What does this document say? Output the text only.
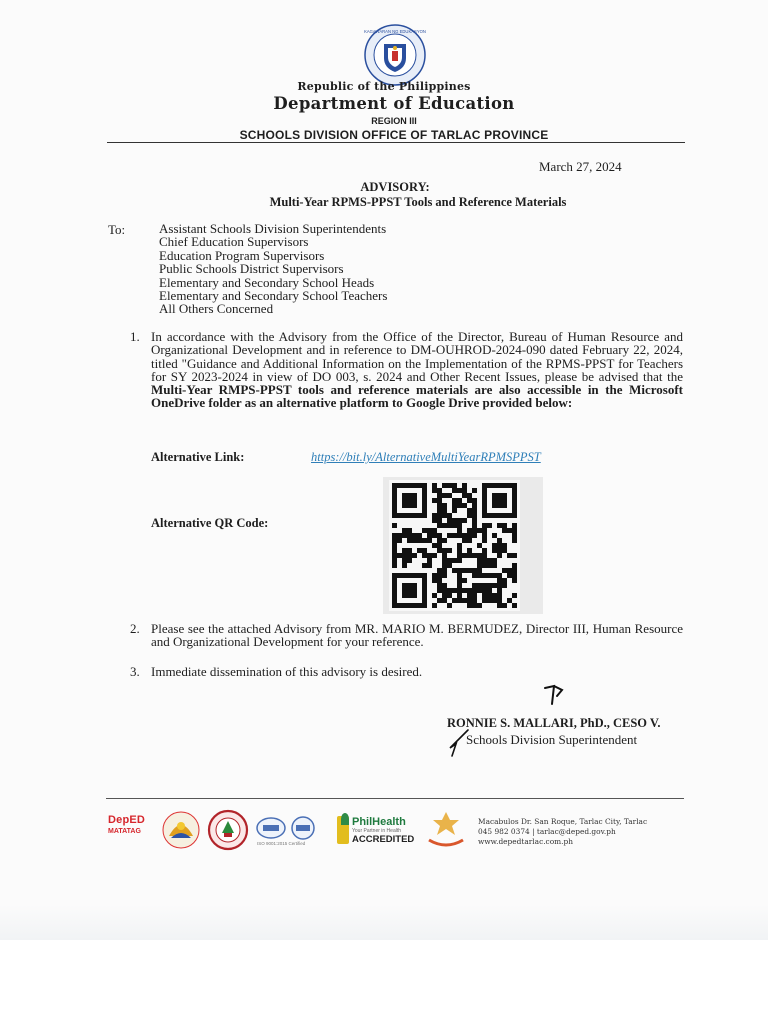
KAGAWARAN NG EDUKASYON
Republic of the Philippines
Department of Education
REGION III
SCHOOLS DIVISION OFFICE OF TARLAC PROVINCE
March 27, 2024
ADVISORY:
Multi-Year RPMS-PPST Tools and Reference Materials
To:	Assistant Schools Division Superintendents
Chief Education Supervisors
Education Program Supervisors
Public Schools District Supervisors
Elementary and Secondary School Heads
Elementary and Secondary School Teachers
All Others Concerned
1. In accordance with the Advisory from the Office of the Director, Bureau of Human Resource and Organizational Development and in reference to DM-OUHROD-2024-090 dated February 22, 2024, titled "Guidance and Additional Information on the Implementation of the RPMS-PPST for Teachers for SY 2023-2024 in view of DO 003, s. 2024 and Other Recent Issues, please be advised that the Multi-Year RMPS-PPST tools and reference materials are also accessible in the Microsoft OneDrive folder as an alternative platform to Google Drive provided below:
Alternative Link:	https://bit.ly/AlternativeMultiYearRPMSPPST
Alternative QR Code:
2. Please see the attached Advisory from MR. MARIO M. BERMUDEZ, Director III, Human Resource and Organizational Development for your reference.
3. Immediate dissemination of this advisory is desired.
RONNIE S. MALLARI, PhD., CESO V.
Schools Division Superintendent
DepED
MATATAG
ISO 9001:2015 Certified
PhilHealth
Your Partner in Health
ACCREDITED
Macabulos Dr. San Roque, Tarlac City, Tarlac
045 982 0374 | tarlac@deped.gov.ph
www.depedtarlac.com.ph
